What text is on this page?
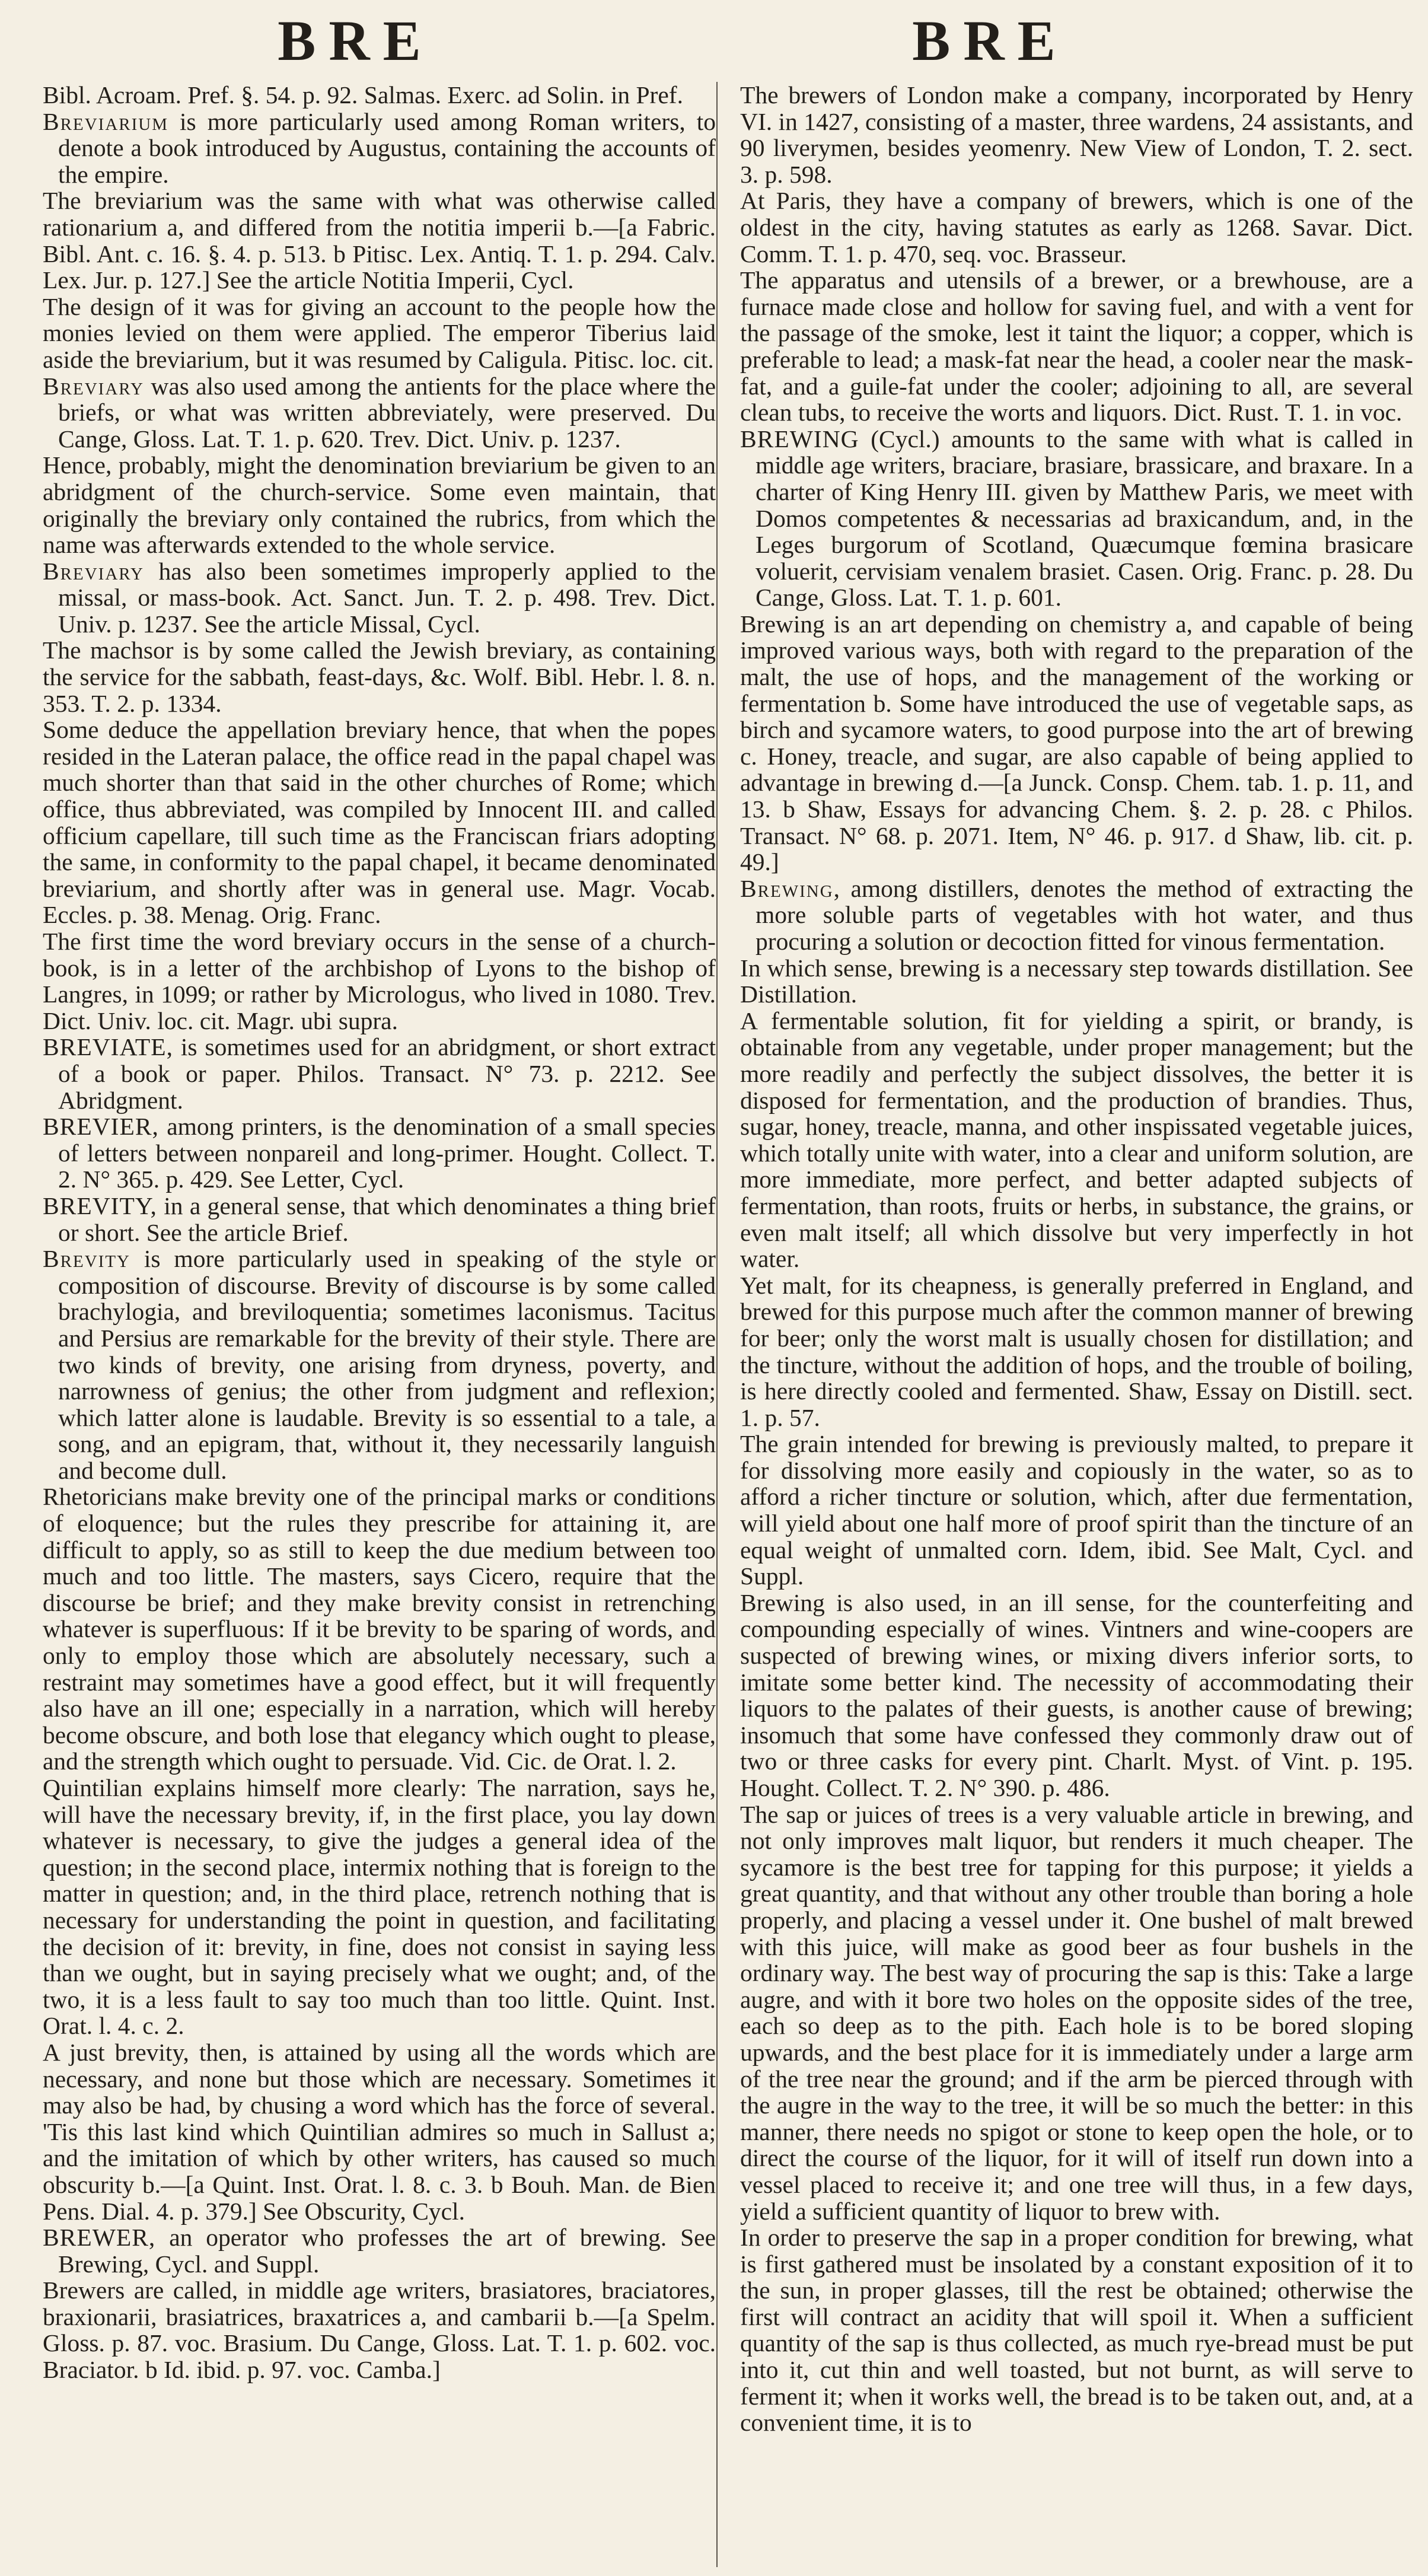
BRE	BRE

Bibl. Acroam. Pref. §. 54. p. 92. Salmas. Exerc. ad Solin. in Pref.

Breviarium is more particularly used among Roman writers, to denote a book introduced by Augustus, containing the accounts of the empire.

The breviarium was the same with what was otherwise called rationarium a, and differed from the notitia imperii b.—[a Fabric. Bibl. Ant. c. 16. §. 4. p. 513. b Pitisc. Lex. Antiq. T. 1. p. 294. Calv. Lex. Jur. p. 127.] See the article Notitia Imperii, Cycl.

The design of it was for giving an account to the people how the monies levied on them were applied. The emperor Tiberius laid aside the breviarium, but it was resumed by Caligula. Pitisc. loc. cit.

Breviary was also used among the antients for the place where the briefs, or what was written abbreviately, were preserved. Du Cange, Gloss. Lat. T. 1. p. 620. Trev. Dict. Univ. p. 1237.

Hence, probably, might the denomination breviarium be given to an abridgment of the church-service. Some even maintain, that originally the breviary only contained the rubrics, from which the name was afterwards extended to the whole service.

Breviary has also been sometimes improperly applied to the missal, or mass-book. Act. Sanct. Jun. T. 2. p. 498. Trev. Dict. Univ. p. 1237. See the article Missal, Cycl.

The machsor is by some called the Jewish breviary, as containing the service for the sabbath, feast-days, &c. Wolf. Bibl. Hebr. l. 8. n. 353. T. 2. p. 1334.

Some deduce the appellation breviary hence, that when the popes resided in the Lateran palace, the office read in the papal chapel was much shorter than that said in the other churches of Rome; which office, thus abbreviated, was compiled by Innocent III. and called officium capellare, till such time as the Franciscan friars adopting the same, in conformity to the papal chapel, it became denominated breviarium, and shortly after was in general use. Magr. Vocab. Eccles. p. 38. Menag. Orig. Franc.

The first time the word breviary occurs in the sense of a church-book, is in a letter of the archbishop of Lyons to the bishop of Langres, in 1099; or rather by Micrologus, who lived in 1080. Trev. Dict. Univ. loc. cit. Magr. ubi supra.

BREVIATE, is sometimes used for an abridgment, or short extract of a book or paper. Philos. Transact. N° 73. p. 2212. See Abridgment.

BREVIER, among printers, is the denomination of a small species of letters between nonpareil and long-primer. Hought. Collect. T. 2. N° 365. p. 429. See Letter, Cycl.

BREVITY, in a general sense, that which denominates a thing brief or short. See the article Brief.

Brevity is more particularly used in speaking of the style or composition of discourse. Brevity of discourse is by some called brachylogia, and breviloquentia; sometimes laconismus. Tacitus and Persius are remarkable for the brevity of their style. There are two kinds of brevity, one arising from dryness, poverty, and narrowness of genius; the other from judgment and reflexion; which latter alone is laudable. Brevity is so essential to a tale, a song, and an epigram, that, without it, they necessarily languish and become dull.

Rhetoricians make brevity one of the principal marks or conditions of eloquence; but the rules they prescribe for attaining it, are difficult to apply, so as still to keep the due medium between too much and too little. The masters, says Cicero, require that the discourse be brief; and they make brevity consist in retrenching whatever is superfluous: If it be brevity to be sparing of words, and only to employ those which are absolutely necessary, such a restraint may sometimes have a good effect, but it will frequently also have an ill one; especially in a narration, which will hereby become obscure, and both lose that elegancy which ought to please, and the strength which ought to persuade. Vid. Cic. de Orat. l. 2.

Quintilian explains himself more clearly: The narration, says he, will have the necessary brevity, if, in the first place, you lay down whatever is necessary, to give the judges a general idea of the question; in the second place, intermix nothing that is foreign to the matter in question; and, in the third place, retrench nothing that is necessary for understanding the point in question, and facilitating the decision of it: brevity, in fine, does not consist in saying less than we ought, but in saying precisely what we ought; and, of the two, it is a less fault to say too much than too little. Quint. Inst. Orat. l. 4. c. 2.

A just brevity, then, is attained by using all the words which are necessary, and none but those which are necessary. Sometimes it may also be had, by chusing a word which has the force of several. 'Tis this last kind which Quintilian admires so much in Sallust a; and the imitation of which by other writers, has caused so much obscurity b.—[a Quint. Inst. Orat. l. 8. c. 3. b Bouh. Man. de Bien Pens. Dial. 4. p. 379.] See Obscurity, Cycl.

BREWER, an operator who professes the art of brewing. See Brewing, Cycl. and Suppl.

Brewers are called, in middle age writers, brasiatores, braciatores, braxionarii, brasiatrices, braxatrices a, and cambarii b.—[a Spelm. Gloss. p. 87. voc. Brasium. Du Cange, Gloss. Lat. T. 1. p. 602. voc. Braciator. b Id. ibid. p. 97. voc. Camba.]

The brewers of London make a company, incorporated by Henry VI. in 1427, consisting of a master, three wardens, 24 assistants, and 90 liverymen, besides yeomenry. New View of London, T. 2. sect. 3. p. 598.

At Paris, they have a company of brewers, which is one of the oldest in the city, having statutes as early as 1268. Savar. Dict. Comm. T. 1. p. 470, seq. voc. Brasseur.

The apparatus and utensils of a brewer, or a brewhouse, are a furnace made close and hollow for saving fuel, and with a vent for the passage of the smoke, lest it taint the liquor; a copper, which is preferable to lead; a mask-fat near the head, a cooler near the mask-fat, and a guile-fat under the cooler; adjoining to all, are several clean tubs, to receive the worts and liquors. Dict. Rust. T. 1. in voc.

BREWING (Cycl.) amounts to the same with what is called in middle age writers, braciare, brasiare, brassicare, and braxare. In a charter of King Henry III. given by Matthew Paris, we meet with Domos competentes & necessarias ad braxicandum, and, in the Leges burgorum of Scotland, Quæcumque fœmina brasicare voluerit, cervisiam venalem brasiet. Casen. Orig. Franc. p. 28. Du Cange, Gloss. Lat. T. 1. p. 601.

Brewing is an art depending on chemistry a, and capable of being improved various ways, both with regard to the preparation of the malt, the use of hops, and the management of the working or fermentation b. Some have introduced the use of vegetable saps, as birch and sycamore waters, to good purpose into the art of brewing c. Honey, treacle, and sugar, are also capable of being applied to advantage in brewing d.—[a Junck. Consp. Chem. tab. 1. p. 11, and 13. b Shaw, Essays for advancing Chem. §. 2. p. 28. c Philos. Transact. N° 68. p. 2071. Item, N° 46. p. 917. d Shaw, lib. cit. p. 49.]

Brewing, among distillers, denotes the method of extracting the more soluble parts of vegetables with hot water, and thus procuring a solution or decoction fitted for vinous fermentation.

In which sense, brewing is a necessary step towards distillation. See Distillation.

A fermentable solution, fit for yielding a spirit, or brandy, is obtainable from any vegetable, under proper management; but the more readily and perfectly the subject dissolves, the better it is disposed for fermentation, and the production of brandies. Thus, sugar, honey, treacle, manna, and other inspissated vegetable juices, which totally unite with water, into a clear and uniform solution, are more immediate, more perfect, and better adapted subjects of fermentation, than roots, fruits or herbs, in substance, the grains, or even malt itself; all which dissolve but very imperfectly in hot water.

Yet malt, for its cheapness, is generally preferred in England, and brewed for this purpose much after the common manner of brewing for beer; only the worst malt is usually chosen for distillation; and the tincture, without the addition of hops, and the trouble of boiling, is here directly cooled and fermented. Shaw, Essay on Distill. sect. 1. p. 57.

The grain intended for brewing is previously malted, to prepare it for dissolving more easily and copiously in the water, so as to afford a richer tincture or solution, which, after due fermentation, will yield about one half more of proof spirit than the tincture of an equal weight of unmalted corn. Idem, ibid. See Malt, Cycl. and Suppl.

Brewing is also used, in an ill sense, for the counterfeiting and compounding especially of wines. Vintners and wine-coopers are suspected of brewing wines, or mixing divers inferior sorts, to imitate some better kind. The necessity of accommodating their liquors to the palates of their guests, is another cause of brewing; insomuch that some have confessed they commonly draw out of two or three casks for every pint. Charlt. Myst. of Vint. p. 195. Hought. Collect. T. 2. N° 390. p. 486.

The sap or juices of trees is a very valuable article in brewing, and not only improves malt liquor, but renders it much cheaper. The sycamore is the best tree for tapping for this purpose; it yields a great quantity, and that without any other trouble than boring a hole properly, and placing a vessel under it. One bushel of malt brewed with this juice, will make as good beer as four bushels in the ordinary way. The best way of procuring the sap is this: Take a large augre, and with it bore two holes on the opposite sides of the tree, each so deep as to the pith. Each hole is to be bored sloping upwards, and the best place for it is immediately under a large arm of the tree near the ground; and if the arm be pierced through with the augre in the way to the tree, it will be so much the better: in this manner, there needs no spigot or stone to keep open the hole, or to direct the course of the liquor, for it will of itself run down into a vessel placed to receive it; and one tree will thus, in a few days, yield a sufficient quantity of liquor to brew with.

In order to preserve the sap in a proper condition for brewing, what is first gathered must be insolated by a constant exposition of it to the sun, in proper glasses, till the rest be obtained; otherwise the first will contract an acidity that will spoil it. When a sufficient quantity of the sap is thus collected, as much rye-bread must be put into it, cut thin and well toasted, but not burnt, as will serve to ferment it; when it works well, the bread is to be taken out, and, at a convenient time, it is to
